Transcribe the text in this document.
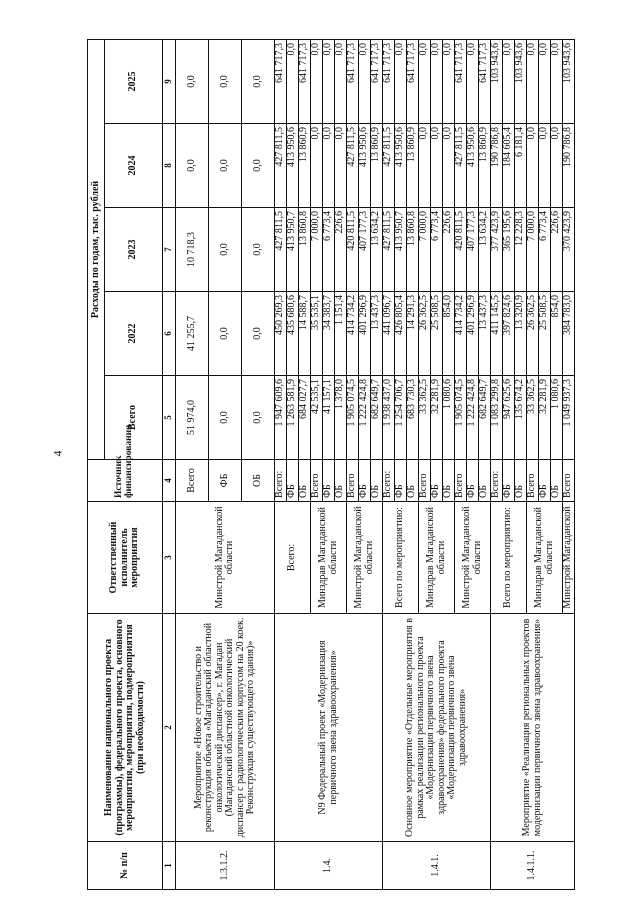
4
№ п/п	Наименование национального проекта (программы), федерального проекта, основного мероприятия, мероприятия, подмероприятия (при необходимости)	Ответственный исполнитель мероприятия	Источник финансирования	Расходы по годам, тыс. рублей				
				Всего	2022	2023	2024	2025
1	2	3	4	5	6	7	8	9
1.3.1.2.	Мероприятие «Новое строительство и реконструкция объекта «Магаданский областной онкологический диспансер», г. Магадан (Магаданский областной онкологический диспансер с радиологическим корпусом на 20 коек. Реконструкция существующего здания)»	Минстрой Магаданской области	Всего	51 974,0	41 255,7	10 718,3	0,0	0,0
			ФБ	0,0	0,0	0,0	0,0	0,0
			ОБ	0,0	0,0	0,0	0,0	0,0
1.4.	N9 Федеральный проект «Модернизация первичного звена здравоохранения»	Всего:	Всего:	1 947 609,6	450 269,3	427 811,5	427 811,5	641 717,3
			ФБ	1 263 581,9	435 680,6	413 950,7	413 950,6	0,0
			ОБ	684 027,7	14 588,7	13 860,8	13 860,9	641 717,3
		Минздрав Магаданской области	Всего	42 535,1	35 535,1	7 000,0	0,0	0,0
			ФБ	41 157,1	34 383,7	6 773,4	0,0	0,0
			ОБ	1 378,0	1 151,4	226,6	0,0	0,0
		Минстрой Магаданской области	Всего	1 905 074,5	414 734,2	420 811,5	427 811,5	641 717,3
			ФБ	1 222 424,8	401 296,9	407 177,3	413 950,6	0,0
			ОБ	682 649,7	13 437,3	13 634,2	13 860,9	641 717,3
1.4.1.	Основное мероприятие «Отдельные мероприятия в рамках реализации регионального проекта «Модернизация первичного звена здравоохранения» федерального проекта «Модернизация первичного звена здравоохранения»	Всего по мероприятию:	Всего:	1 938 437,0	441 096,7	427 811,5	427 811,5	641 717,3
			ФБ	1 254 706,7	426 805,4	413 950,7	413 950,6	0,0
			ОБ	683 730,3	14 291,3	13 860,8	13 860,9	641 717,3
		Минздрав Магаданской области	Всего	33 362,5	26 362,5	7 000,0	0,0	0,0
			ФБ	32 281,9	25 508,5	6 773,4	0,0	0,0
			ОБ	1 080,6	854,0	226,6	0,0	0,0
		Минстрой Магаданской области	Всего	1 905 074,5	414 734,2	420 811,5	427 811,5	641 717,3
			ФБ	1 222 424,8	401 296,9	407 177,3	413 950,6	0,0
			ОБ	682 649,7	13 437,3	13 634,2	13 860,9	641 717,3
1.4.1.1.	Мероприятие «Реализация региональных проектов модернизации первичного звена здравоохранения»	Всего по мероприятию:	Всего:	1 083 299,8	411 145,5	377 423,9	190 786,8	103 943,6
			ФБ	947 625,6	397 824,6	365 195,6	184 605,4	0,0
			ОБ	135 674,2	13 320,9	12 228,3	6 181,4	103 943,6
		Минздрав Магаданской области	Всего	33 362,5	26 362,5	7 000,0	0,0	0,0
			ФБ	32 281,9	25 508,5	6 773,4	0,0	0,0
			ОБ	1 080,6	854,0	226,6	0,0	0,0
		Минстрой Магаданской	Всего	1 049 937,3	384 783,0	370 423,9	190 786,8	103 943,6
